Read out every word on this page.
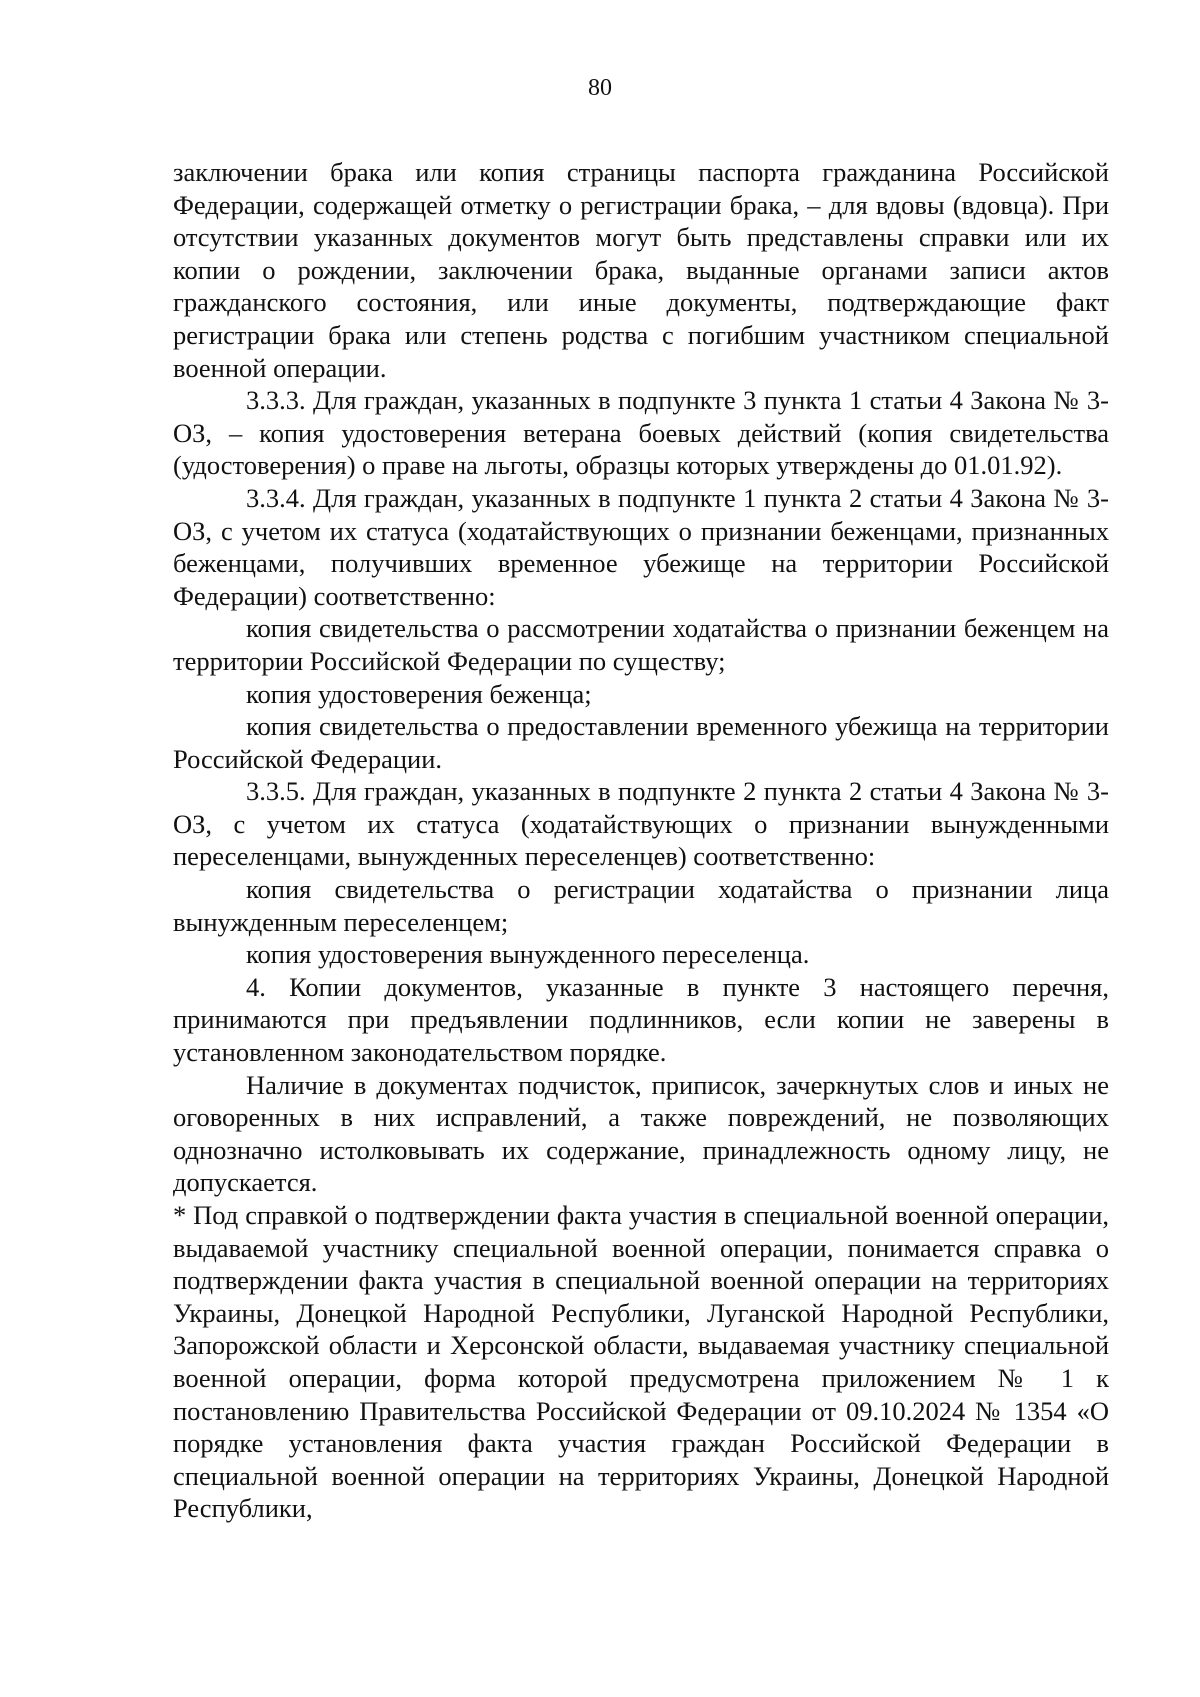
80

заключении брака или копия страницы паспорта гражданина Российской Федерации, содержащей отметку о регистрации брака, – для вдовы (вдовца). При отсутствии указанных документов могут быть представлены справки или их копии о рождении, заключении брака, выданные органами записи актов гражданского состояния, или иные документы, подтверждающие факт регистрации брака или степень родства с погибшим участником специальной военной операции.

3.3.3. Для граждан, указанных в подпункте 3 пункта 1 статьи 4 Закона № 3-ОЗ, – копия удостоверения ветерана боевых действий (копия свидетельства (удостоверения) о праве на льготы, образцы которых утверждены до 01.01.92).

3.3.4. Для граждан, указанных в подпункте 1 пункта 2 статьи 4 Закона № 3-ОЗ, с учетом их статуса (ходатайствующих о признании беженцами, признанных беженцами, получивших временное убежище на территории Российской Федерации) соответственно:

копия свидетельства о рассмотрении ходатайства о признании беженцем на территории Российской Федерации по существу;

копия удостоверения беженца;

копия свидетельства о предоставлении временного убежища на территории Российской Федерации.

3.3.5. Для граждан, указанных в подпункте 2 пункта 2 статьи 4 Закона № 3-ОЗ, с учетом их статуса (ходатайствующих о признании вынужденными переселенцами, вынужденных переселенцев) соответственно:

копия свидетельства о регистрации ходатайства о признании лица вынужденным переселенцем;

копия удостоверения вынужденного переселенца.

4. Копии документов, указанные в пункте 3 настоящего перечня, принимаются при предъявлении подлинников, если копии не заверены в установленном законодательством порядке.

Наличие в документах подчисток, приписок, зачеркнутых слов и иных не оговоренных в них исправлений, а также повреждений, не позволяющих однозначно истолковывать их содержание, принадлежность одному лицу, не допускается.

* Под справкой о подтверждении факта участия в специальной военной операции, выдаваемой участнику специальной военной операции, понимается справка о подтверждении факта участия в специальной военной операции на территориях Украины, Донецкой Народной Республики, Луганской Народной Республики, Запорожской области и Херсонской области, выдаваемая участнику специальной военной операции, форма которой предусмотрена приложением № 1 к постановлению Правительства Российской Федерации от 09.10.2024 № 1354 «О порядке установления факта участия граждан Российской Федерации в специальной военной операции на территориях Украины, Донецкой Народной Республики,
